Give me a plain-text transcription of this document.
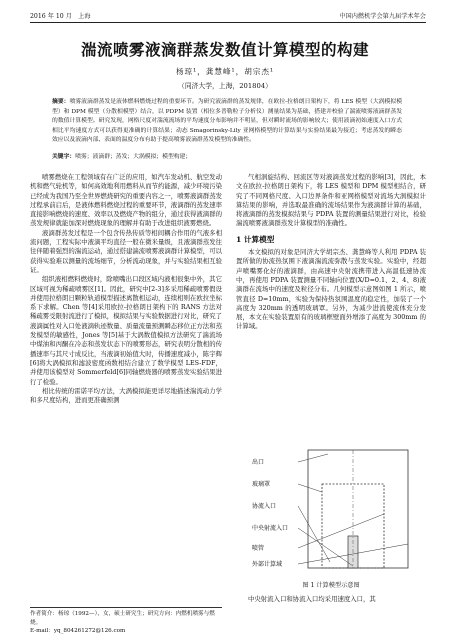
2016 年 10 月　上海	中国内燃机学会第九届学术年会
湍流喷雾液滴群蒸发数值计算模型的构建
杨琼¹，龚慧峰¹，胡宗杰¹
（同济大学，上海，201804）
摘要：喷雾液滴群蒸发是液体燃料燃烧过程的重要环节。为研究液滴群的蒸发规律，在欧拉-拉格朗日架构下，将 LES 模型（大涡模拟模型）和 DPM 模型（分散相模型）结合，以 PDPM 装置（相位多普勒粒子分析仪）测量结果为基础，搭建并校验了湍流喷雾液滴群蒸发的数值计算模型。研究发现，网格尺度对湍流流场的平均速度分布影响并不明显，但对瞬时流场的影响较大；使用液滴初始速度入口方式相比平均速度方式可以获得更准确的计算结果；动态 Smagorinsky-Lily 亚网格模型的计算结果与实验结果最为接近；考虑蒸发的瞬态效应以及液滴内部、表面的温度分布有助于提高喷雾液滴群蒸发模型的准确性。
关键字：喷雾；液滴群；蒸发；大涡模拟；模型构建；

喷雾燃烧在工程领域有在广泛的应用，如汽车发动机、航空发动机和燃气轮机等，如何高效地利用燃料从而节约能源，减少环境污染已经成为我国乃至全世界燃烧研究的重要内容之一，喷雾液滴群蒸发过程承前启后，是液体燃料燃烧过程的重要环节，液滴群的蒸发速率直接影响燃烧的速度、效率以及燃烧产物的组分，通过获得液滴群的蒸发规律就能加深对燃烧现象的理解并有助于改进组织液雾燃烧。

液滴群蒸发过程是一个包含传热传质等相间耦合作用的气液多相流问题，工程实际中液滴平均直径一般在微米量级，且液滴群蒸发往往伴随着强烈的湍流运动，通过搭建湍流喷雾液滴群计算模型，可以获得实验难以测量的流场细节，分析流动现象，并与实验结果相互验证。

组织液相燃料燃烧时，除喷嘴出口段区域内液相很集中外，其它区域可视为稀疏喷雾区[1]。因此，研究中[2-3]多采用稀疏喷雾假设并使用拉格朗日颗粒轨道模型描述离散相运动，连续相则在欧拉坐标系下求解。Chen 等[4]采用欧拉-拉格朗日架构下的 RANS 方法对稀疏雾受限射流进行了模拟，模拟结果与实验数据进行对比，研究了液滴属性对入口处液滴轨迹数量、质量流量预测瞬态移位正方法和蒸发模型的敏感性，Jones 等[5]基于大涡数值模拟方法研究了湍流场中煤油和丙酮在冷态和蒸发状态下的喷雾形态，研究表明分散相的传播速率与其尺寸成反比，当液滴初始值大时，传播速度减小，陈宇辉[6]将大涡模拟和滤波密度函数相结合建立了数学模型 LES-FDF，并使用该模型对 Sommerfeld[6]同轴燃烧器的喷雾蒸发实验结果进行了检验。

相比传统的雷诺平均方法，大涡模拟能更详尽地描述湍流动力学和多尺度结构，进而更准确预测

气相涡旋结构、回流区等对液滴蒸发过程的影响[3]，因此，本文在欧拉-拉格朗日架构下，将 LES 模型和 DPM 模型相结合，研究了不同网格尺度、入口边界条件和亚网格模型对流场大涡模拟计算结果的影响，并选取最准确的流场结果作为液滴群计算的基础，将液滴群的蒸发模拟结果与 PDPA 装置的测量结果进行对比，检验湍流喷雾液滴群蒸发计算模型的准确性。

1 计算模型

本文模拟的对象是同济大学胡宗杰、龚慧峰等人利用 PDPA 装置所做的协流热氛围下液滴湍流流弥散与蒸发实验。实验中，经超声喷嘴雾化好的液滴群，由高速中央射流携带进入高温低速协流中，再使用 PDPA 装置测量不同轴向位置(X/D=0.1、2、4、8)液滴群在流场中的速度及粒径分布。几何模型示意图如图 1 所示，喷管直径 D=10mm，实验为保持热氛围温度的稳定性，加装了一个高度为 320mm 的透明玻璃罩。另外，为减少进流使流体充分发展，本文在实验装置原有的玻璃框壁面外增添了高度为 300mm 的计算域。

出口
玻璃罩
协流入口
中央射流入口
喷管
外部计算域
图 1 计算模型示意图
中央射流入口和协流入口均采用速度入口，其
作者简介：杨琼（1992—），女，硕士研究生；研究方向：内燃机喷雾与燃烧。
E-mail：yq_804261272@126.com
